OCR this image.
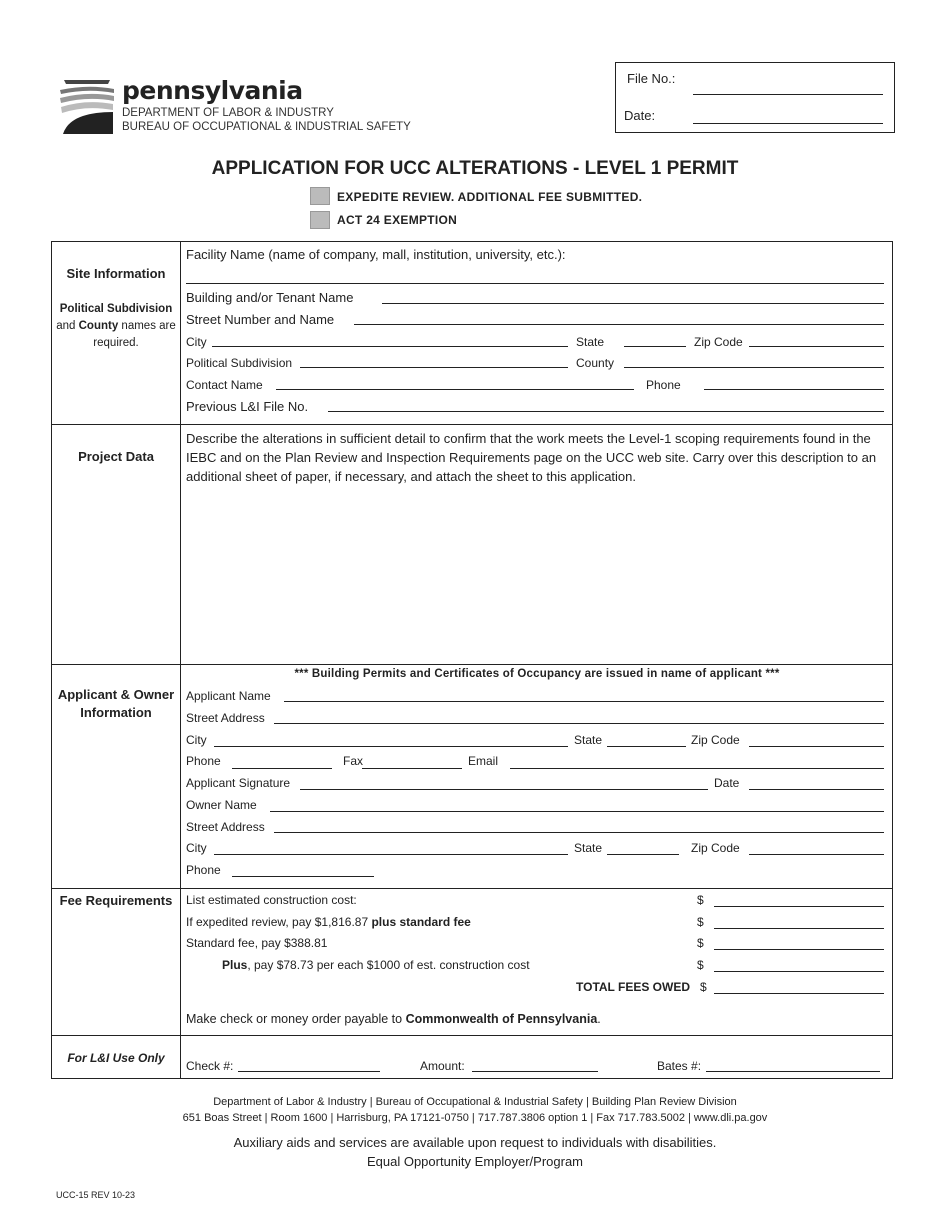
pennsylvania
DEPARTMENT OF LABOR & INDUSTRY
BUREAU OF OCCUPATIONAL & INDUSTRIAL SAFETY
File No.:
Date:
APPLICATION FOR UCC ALTERATIONS - LEVEL 1 PERMIT
EXPEDITE REVIEW. ADDITIONAL FEE SUBMITTED.
ACT 24 EXEMPTION
Site Information
Political Subdivision and County names are required.
Facility Name (name of company, mall, institution, university, etc.):
Building and/or Tenant Name
Street Number and Name
City	State	Zip Code
Political Subdivision	County
Contact Name	Phone
Previous L&I File No.
Project Data
Describe the alterations in sufficient detail to confirm that the work meets the Level-1 scoping requirements found in the IEBC and on the Plan Review and Inspection Requirements page on the UCC web site. Carry over this description to an additional sheet of paper, if necessary, and attach the sheet to this application.
Applicant & Owner Information
*** Building Permits and Certificates of Occupancy are issued in name of applicant ***
Applicant Name
Street Address
City	State	Zip Code
Phone	Fax	Email
Applicant Signature	Date
Owner Name
Street Address
City	State	Zip Code
Phone
Fee Requirements	List estimated construction cost:	$
If expedited review, pay $1,816.87 plus standard fee	$
Standard fee, pay $388.81	$
Plus, pay $78.73 per each $1000 of est. construction cost	$
TOTAL FEES OWED $
Make check or money order payable to Commonwealth of Pennsylvania.
For L&I Use Only
Check #:	Amount:	Bates #:
Department of Labor & Industry | Bureau of Occupational & Industrial Safety | Building Plan Review Division
651 Boas Street | Room 1600 | Harrisburg, PA 17121-0750 | 717.787.3806 option 1 | Fax 717.783.5002 | www.dli.pa.gov
Auxiliary aids and services are available upon request to individuals with disabilities.
Equal Opportunity Employer/Program
UCC-15 REV 10-23
